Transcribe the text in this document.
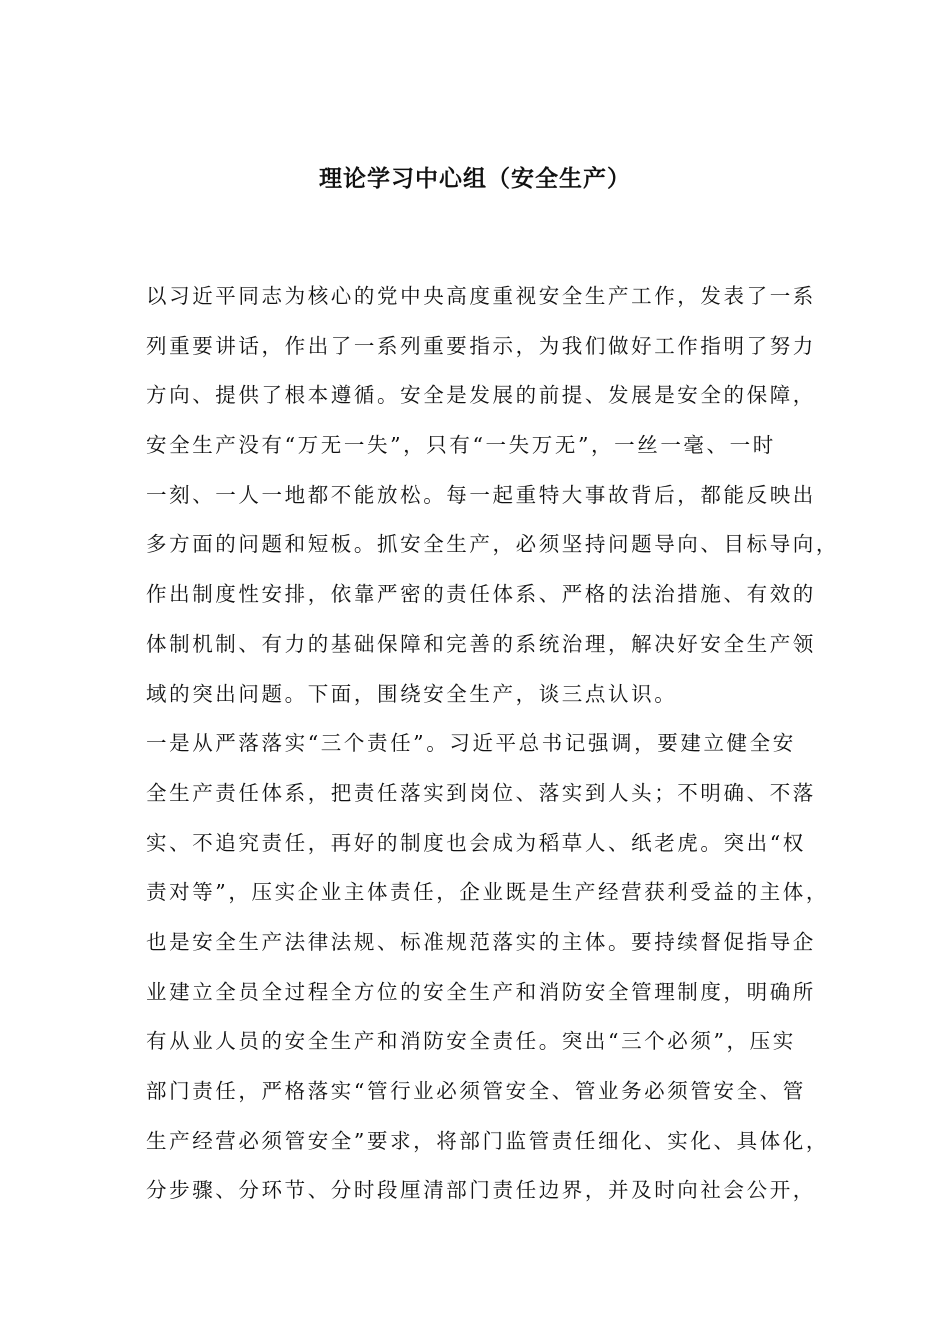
理论学习中心组（安全生产）
以习近平同志为核心的党中央高度重视安全生产工作，发表了一系
列重要讲话，作出了一系列重要指示，为我们做好工作指明了努力
方向、提供了根本遵循。安全是发展的前提、发展是安全的保障，
安全生产没有“万无一失”，只有“一失万无”，一丝一毫、一时
一刻、一人一地都不能放松。每一起重特大事故背后，都能反映出
多方面的问题和短板。抓安全生产，必须坚持问题导向、目标导向，
作出制度性安排，依靠严密的责任体系、严格的法治措施、有效的
体制机制、有力的基础保障和完善的系统治理，解决好安全生产领
域的突出问题。下面，围绕安全生产，谈三点认识。
一是从严落落实“三个责任”。习近平总书记强调，要建立健全安
全生产责任体系，把责任落实到岗位、落实到人头；不明确、不落
实、不追究责任，再好的制度也会成为稻草人、纸老虎。突出“权
责对等”，压实企业主体责任，企业既是生产经营获利受益的主体，
也是安全生产法律法规、标准规范落实的主体。要持续督促指导企
业建立全员全过程全方位的安全生产和消防安全管理制度，明确所
有从业人员的安全生产和消防安全责任。突出“三个必须”，压实
部门责任，严格落实“管行业必须管安全、管业务必须管安全、管
生产经营必须管安全”要求，将部门监管责任细化、实化、具体化，
分步骤、分环节、分时段厘清部门责任边界，并及时向社会公开，
